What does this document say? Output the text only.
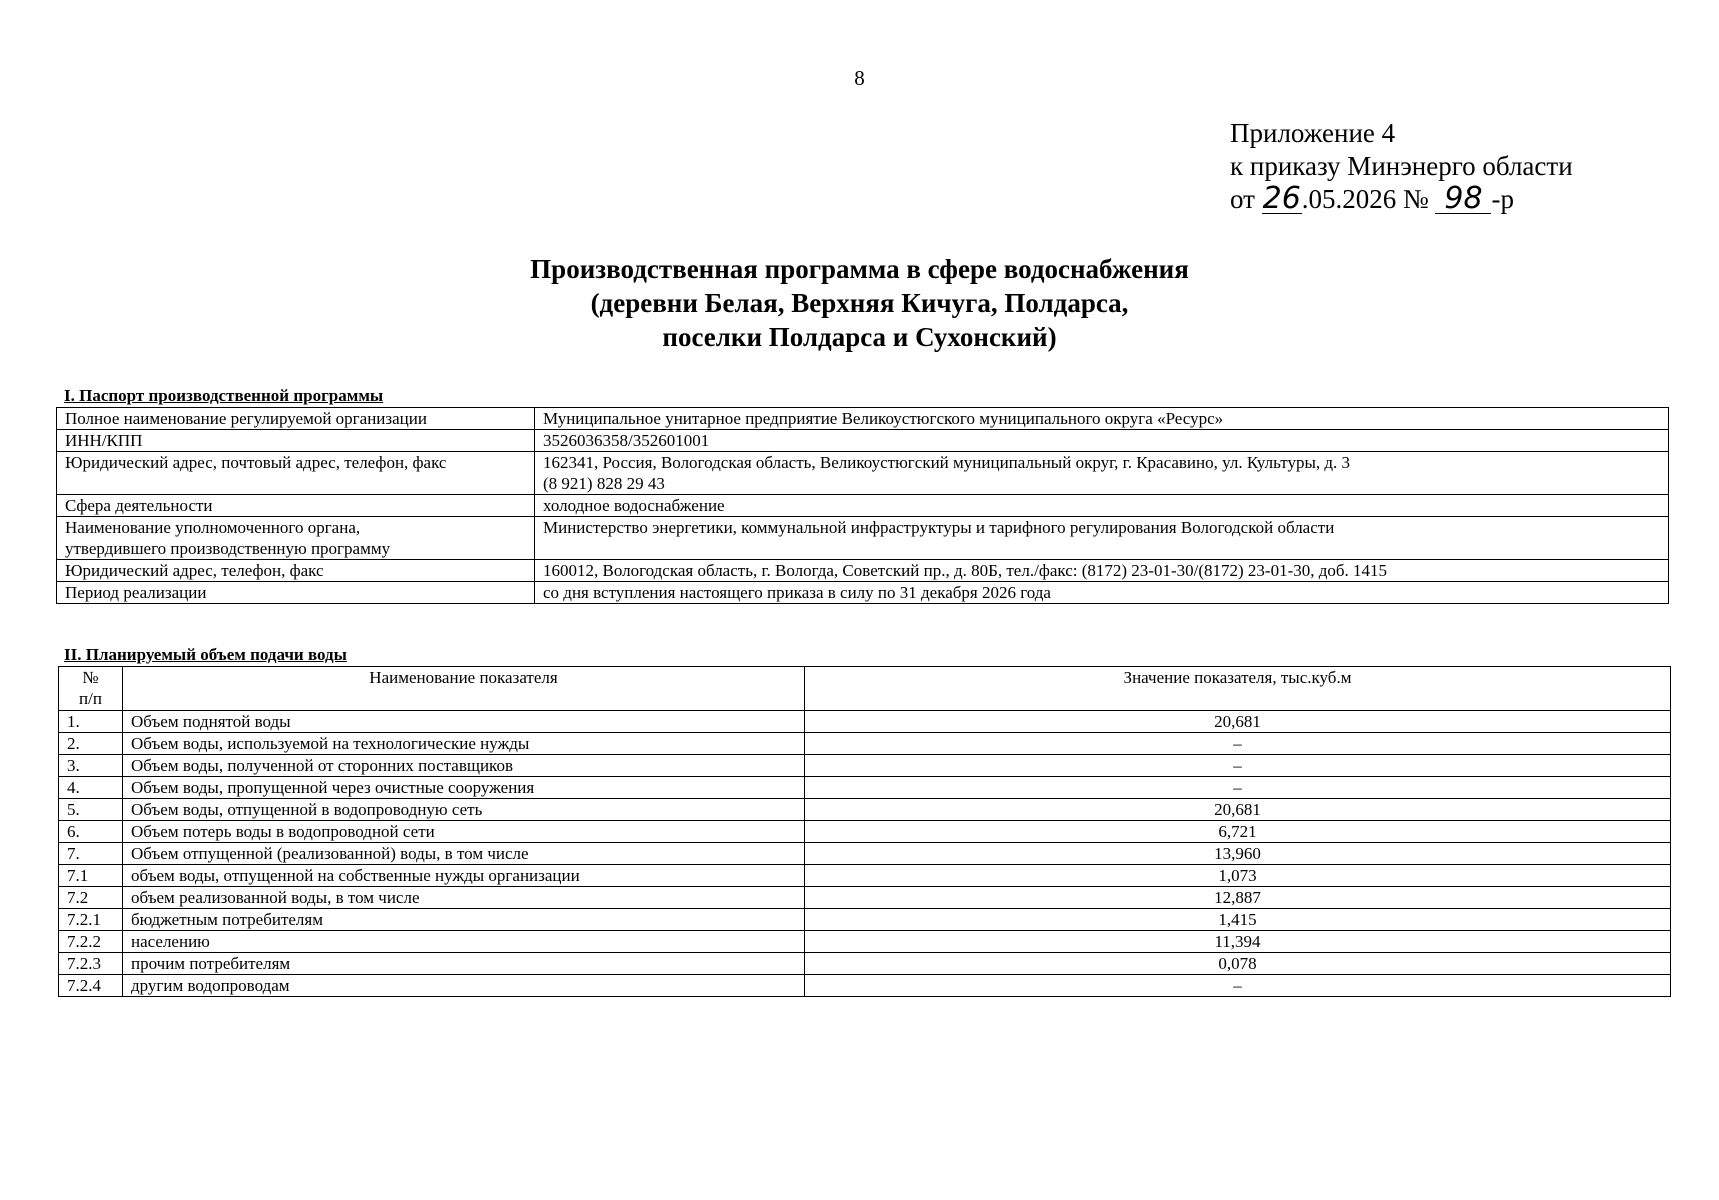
8
Приложение 4
к приказу Минэнерго области
от 26.05.2026 № 98 -р
Производственная программа в сфере водоснабжения
(деревни Белая, Верхняя Кичуга, Полдарса,
поселки Полдарса и Сухонский)
I. Паспорт производственной программы
Полное наименование регулируемой организации	Муниципальное унитарное предприятие Великоустюгского муниципального округа «Ресурс»
ИНН/КПП	3526036358/352601001
Юридический адрес, почтовый адрес, телефон, факс	162341, Россия, Вологодская область, Великоустюгский муниципальный округ, г. Красавино, ул. Культуры, д. 3
(8 921) 828 29 43

Сфера деятельности	холодное водоснабжение

Наименование уполномоченного органа,
утвердившего производственную программу	Министерство энергетики, коммунальной инфраструктуры и тарифного регулирования Вологодской области
Юридический адрес, телефон, факс	160012, Вологодская область, г. Вологда, Советский пр., д. 80Б, тел./факс: (8172) 23-01-30/(8172) 23-01-30, доб. 1415
Период реализации	со дня вступления настоящего приказа в силу по 31 декабря 2026 года
II. Планируемый объем подачи воды
№
п/п	Наименование показателя	Значение показателя, тыс.куб.м
1.	Объем поднятой воды	20,681
2.	Объем воды, используемой на технологические нужды	–
3.	Объем воды, полученной от сторонних поставщиков	–
4.	Объем воды, пропущенной через очистные сооружения	–
5.	Объем воды, отпущенной в водопроводную сеть	20,681
6.	Объем потерь воды в водопроводной сети	6,721
7.	Объем отпущенной (реализованной) воды, в том числе	13,960
7.1	объем воды, отпущенной на собственные нужды организации	1,073
7.2	объем реализованной воды, в том числе	12,887
7.2.1	бюджетным потребителям	1,415
7.2.2	населению	11,394
7.2.3	прочим потребителям	0,078
7.2.4	другим водопроводам	–
